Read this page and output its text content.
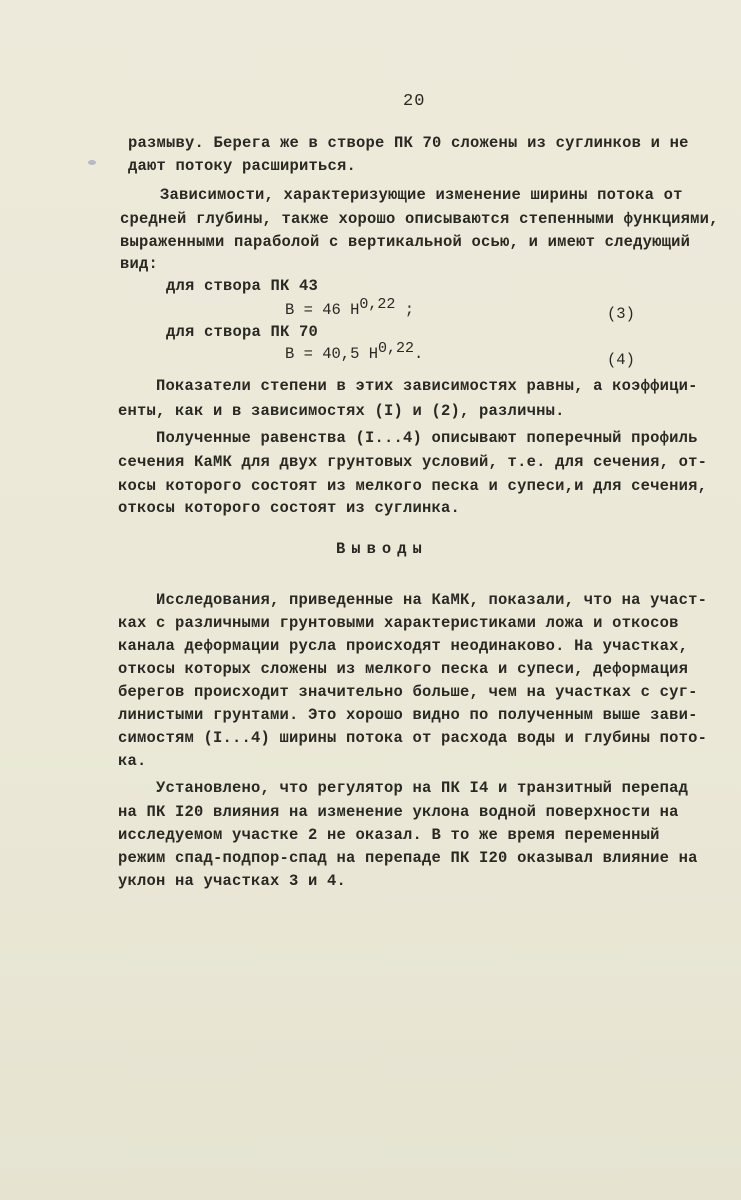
20
размыву. Берега же в створе ПК 70 сложены из суглинков и не
дают потоку расшириться.
Зависимости, характеризующие изменение ширины потока от
средней глубины, также хорошо описываются степенными функциями,
выраженными параболой с вертикальной осью, и имеют следующий
вид:
для створа ПК 43
B = 46 H$^{0,22}$ ;	(3)
для створа ПК 70
B = 40,5 H$^{0,22}$.	(4)
Показатели степени в этих зависимостях равны, а коэффици-
енты, как и в зависимостях (I) и (2), различны.
Полученные равенства (I...4) описывают поперечный профиль
сечения КаМК для двух грунтовых условий, т.е. для сечения, от-
косы которого состоят из мелкого песка и супеси,и для сечения,
откосы которого состоят из суглинка.
Выводы
Исследования, приведенные на КаМК, показали, что на участ-
ках с различными грунтовыми характеристиками ложа и откосов
канала деформации русла происходят неодинаково. На участках,
откосы которых сложены из мелкого песка и супеси, деформация
берегов происходит значительно больше, чем на участках с суг-
линистыми грунтами. Это хорошо видно по полученным выше зави-
симостям (I...4) ширины потока от расхода воды и глубины пото-
ка.
Установлено, что регулятор на ПК I4 и транзитный перепад
на ПК I20 влияния на изменение уклона водной поверхности на
исследуемом участке 2 не оказал. В то же время переменный
режим спад-подпор-спад на перепаде ПК I20 оказывал влияние на
уклон на участках 3 и 4.
